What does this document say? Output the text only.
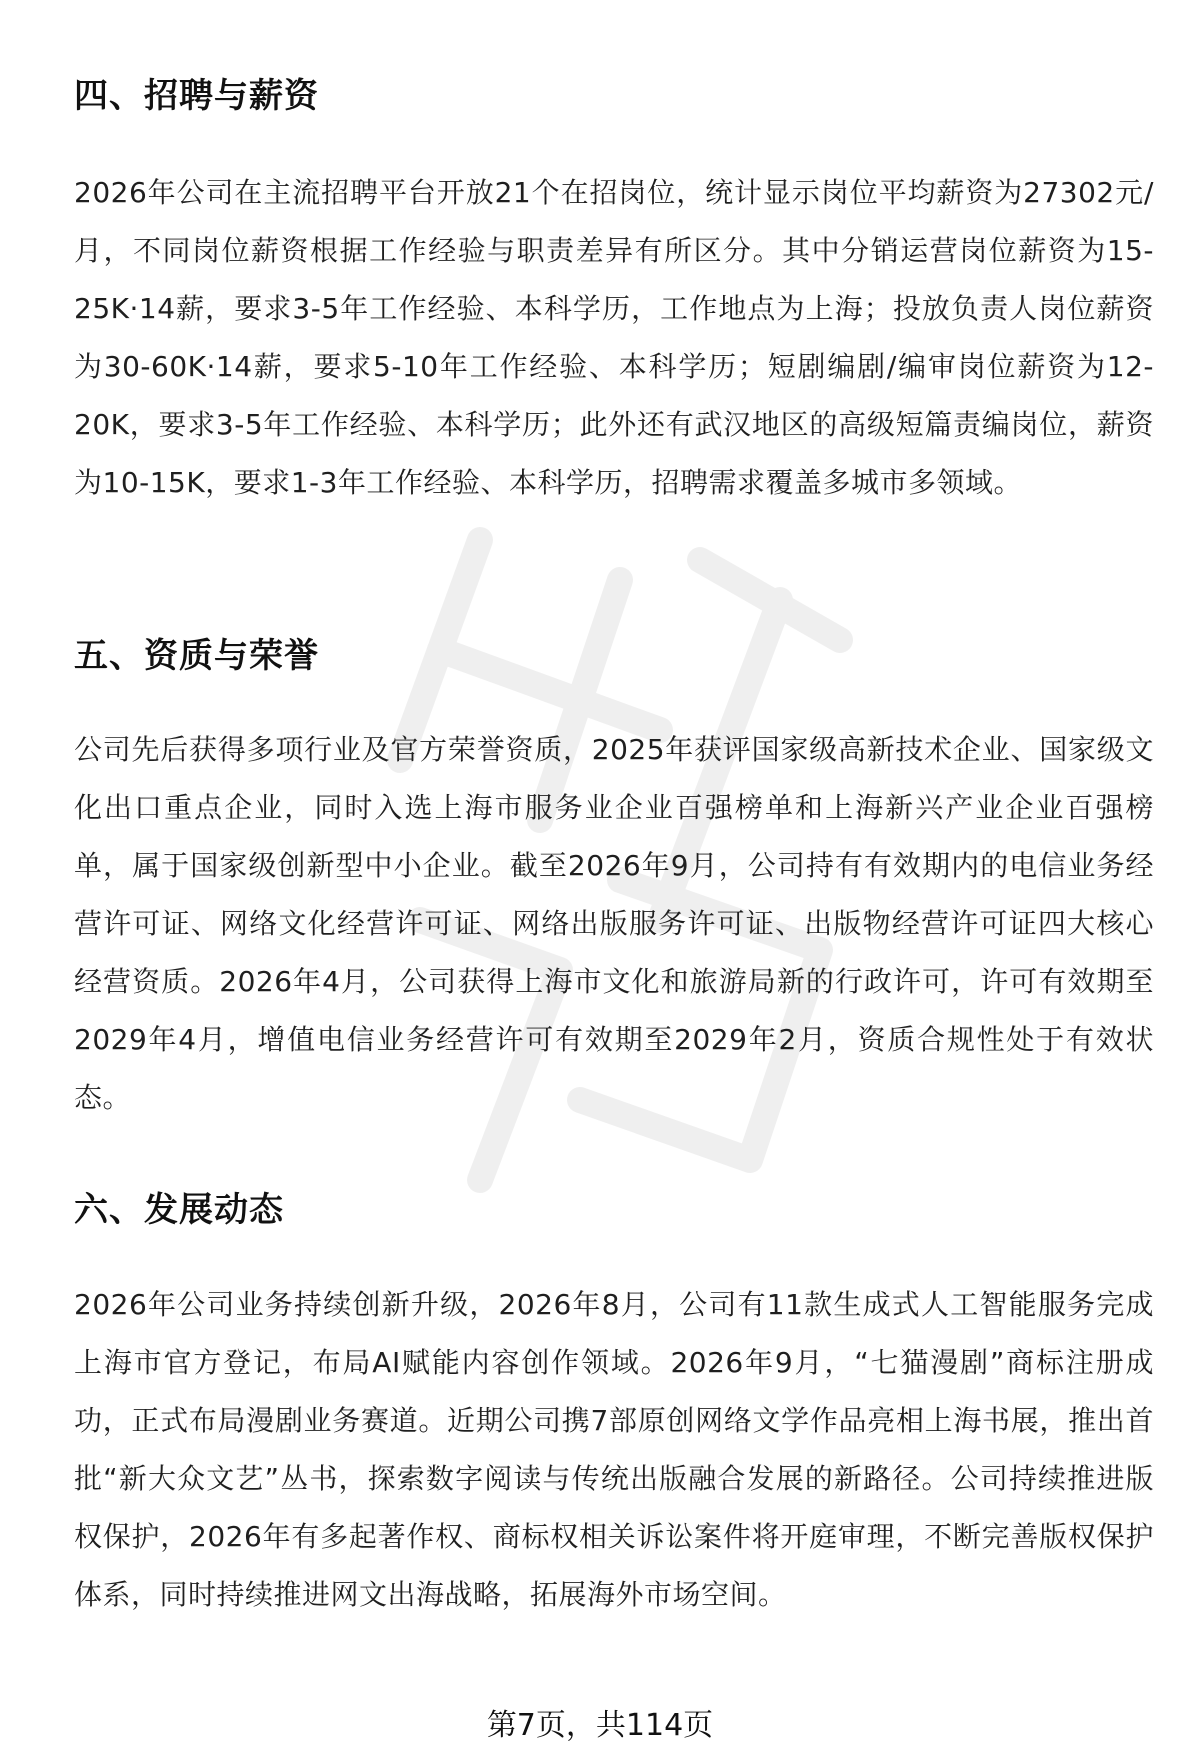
四、招聘与薪资

2026年公司在主流招聘平台开放21个在招岗位，统计显示岗位平均薪资为27302元/月，不同岗位薪资根据工作经验与职责差异有所区分。其中分销运营岗位薪资为15-25K·14薪，要求3-5年工作经验、本科学历，工作地点为上海；投放负责人岗位薪资为30-60K·14薪，要求5-10年工作经验、本科学历；短剧编剧/编审岗位薪资为12-20K，要求3-5年工作经验、本科学历；此外还有武汉地区的高级短篇责编岗位，薪资为10-15K，要求1-3年工作经验、本科学历，招聘需求覆盖多城市多领域。

五、资质与荣誉

公司先后获得多项行业及官方荣誉资质，2025年获评国家级高新技术企业、国家级文化出口重点企业，同时入选上海市服务业企业百强榜单和上海新兴产业企业百强榜单，属于国家级创新型中小企业。截至2026年9月，公司持有有效期内的电信业务经营许可证、网络文化经营许可证、网络出版服务许可证、出版物经营许可证四大核心经营资质。2026年4月，公司获得上海市文化和旅游局新的行政许可，许可有效期至2029年4月，增值电信业务经营许可有效期至2029年2月，资质合规性处于有效状态。

六、发展动态

2026年公司业务持续创新升级，2026年8月，公司有11款生成式人工智能服务完成上海市官方登记，布局AI赋能内容创作领域。2026年9月，“七猫漫剧”商标注册成功，正式布局漫剧业务赛道。近期公司携7部原创网络文学作品亮相上海书展，推出首批“新大众文艺”丛书，探索数字阅读与传统出版融合发展的新路径。公司持续推进版权保护，2026年有多起著作权、商标权相关诉讼案件将开庭审理，不断完善版权保护体系，同时持续推进网文出海战略，拓展海外市场空间。

第7页，共114页
